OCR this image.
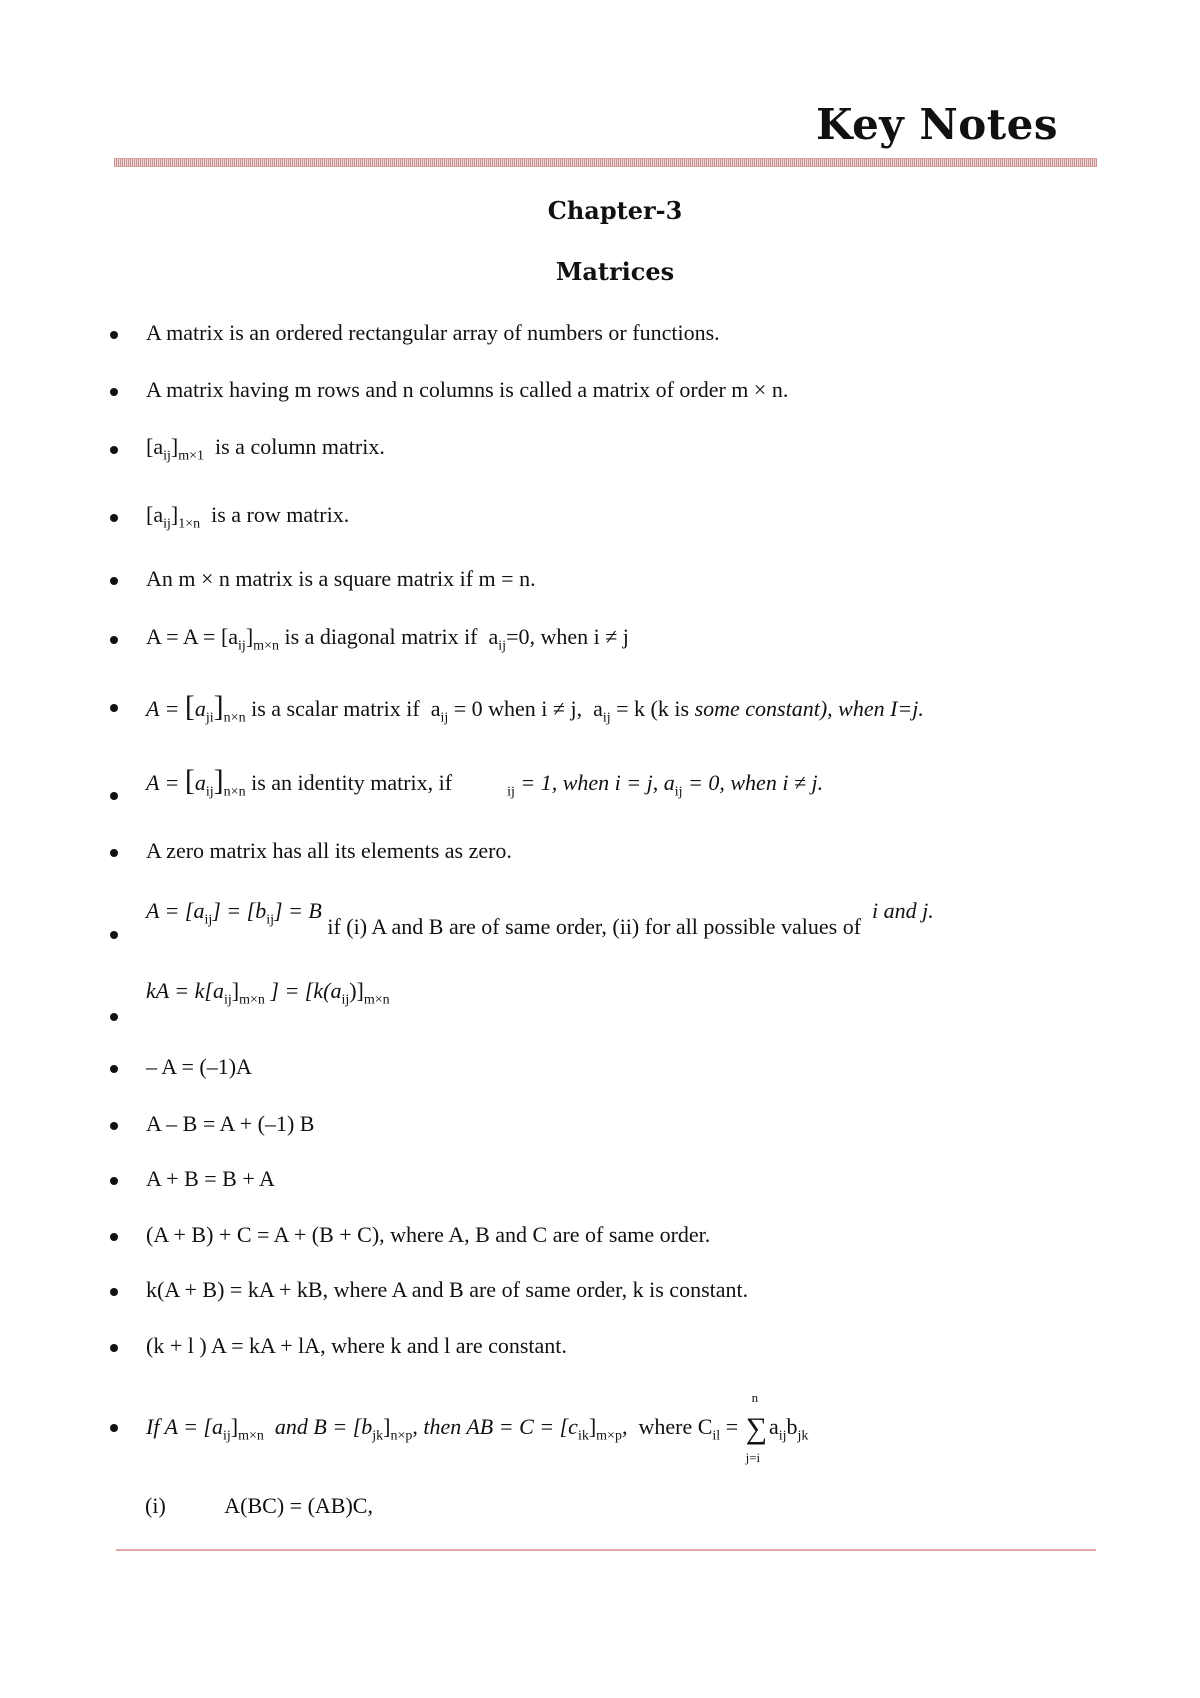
Key Notes
Chapter-3
Matrices
A matrix is an ordered rectangular array of numbers or functions.
A matrix having m rows and n columns is called a matrix of order m × n.
$[a_{ij}]_{m\times 1}$ is a column matrix.
$[a_{ij}]_{1\times n}$ is a row matrix.
An m × n matrix is a square matrix if m = n.
$A = A = [a_{ij}]_{m\times n}$ is a diagonal matrix if  $a_{ij}=0$, when i ≠ j
$A = [a_{ji}]_{n\times n}$ is a scalar matrix if  $a_{ij} = 0$ when i ≠ j,  $a_{ij} = k$ (k is some constant), when I=j.
$A = [a_{ij}]_{n\times n}$ is an identity matrix, if	$_{ij}$ = 1, when i = j, $a_{ij} = 0$, when i ≠ j.
A zero matrix has all its elements as zero.
$A = [a_{ij}] = [b_{ij}] = B$ if (i) A and B are of same order, (ii) for all possible values of  i and j.
kA = $k[a_{ij}]_{m\times n}$ ] = $[k(a_{ij})]_{m\times n}$
– A = (–1)A
A – B = A + (–1) B
A + B = B + A
(A + B) + C = A + (B + C), where A, B and C are of same order.
k(A + B) = kA + kB, where A and B are of same order, k is constant.
(k + l ) A = kA + lA, where k and l are constant.
If $A = [a_{ij}]_{m\times n}$ and $B = [b_{jk}]_{n\times p}$, then AB = $C = [c_{ik}]_{m\times p}$,  where $C_{il}$ = ∑
n
j=i
$a_{ij}b_{jk}$
(i)	A(BC) = (AB)C,
